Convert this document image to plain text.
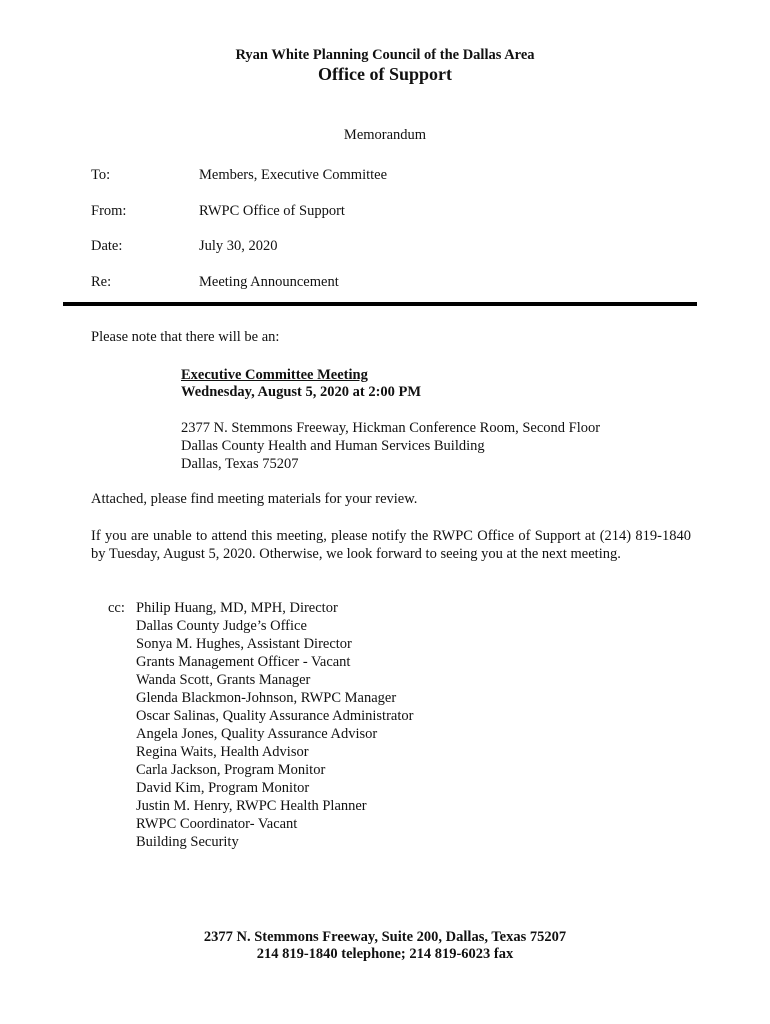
Ryan White Planning Council of the Dallas Area
Office of Support
Memorandum
To:	Members, Executive Committee
From:	RWPC Office of Support
Date:	July 30, 2020
Re:	Meeting Announcement
Please note that there will be an:
Executive Committee Meeting
Wednesday, August 5, 2020 at 2:00 PM
2377 N. Stemmons Freeway, Hickman Conference Room, Second Floor
Dallas County Health and Human Services Building
Dallas, Texas 75207
Attached, please find meeting materials for your review.
If you are unable to attend this meeting, please notify the RWPC Office of Support at (214) 819-1840 by Tuesday, August 5, 2020. Otherwise, we look forward to seeing you at the next meeting.
cc: Philip Huang, MD, MPH, Director
Dallas County Judge’s Office
Sonya M. Hughes, Assistant Director
Grants Management Officer - Vacant
Wanda Scott, Grants Manager
Glenda Blackmon-Johnson, RWPC Manager
Oscar Salinas, Quality Assurance Administrator
Angela Jones, Quality Assurance Advisor
Regina Waits, Health Advisor
Carla Jackson, Program Monitor
David Kim, Program Monitor
Justin M. Henry, RWPC Health Planner
RWPC Coordinator- Vacant
Building Security
2377 N. Stemmons Freeway, Suite 200, Dallas, Texas 75207
214 819-1840 telephone; 214 819-6023 fax
